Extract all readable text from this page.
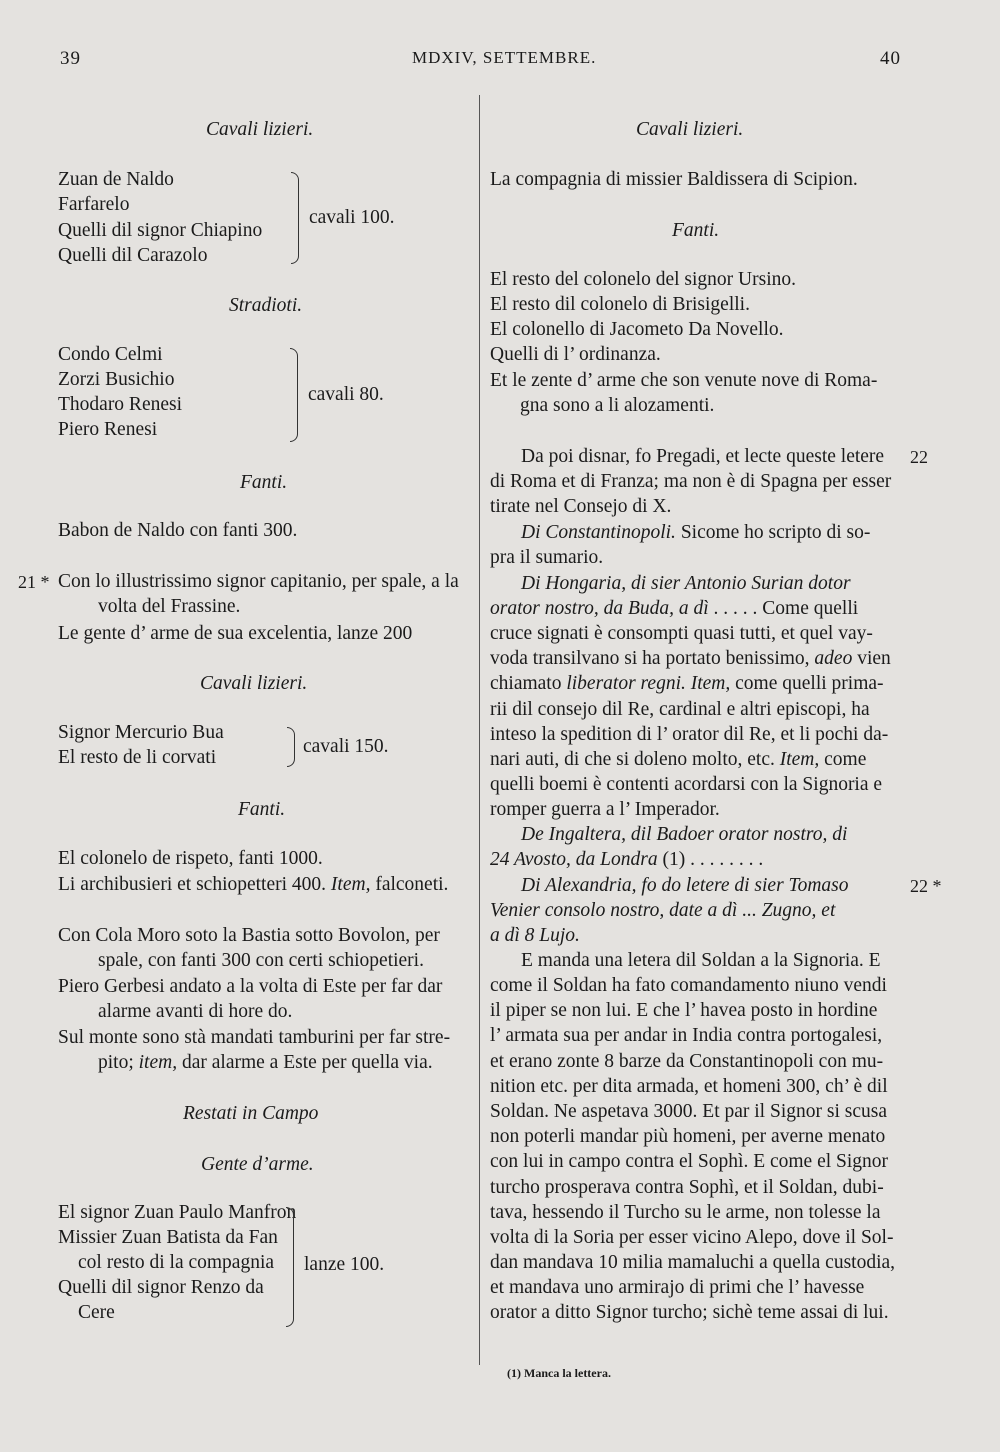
39	MDXIV, SETTEMBRE.	40
Cavali lizieri.
Zuan de Naldo
Farfarelo
Quelli dil signor Chiapino
Quelli dil Carazolo
cavali 100.
Stradioti.
Condo Celmi
Zorzi Busichio
Thodaro Renesi
Piero Renesi
cavali 80.
Fanti.
Babon de Naldo con fanti 300.
21 * Con lo illustrissimo signor capitanio, per spale, a la
volta del Frassine.
Le gente d’ arme de sua excelentia, lanze 200
Cavali lizieri.
Signor Mercurio Bua
El resto de li corvati
cavali 150.
Fanti.
El colonelo de rispeto, fanti 1000.
Li archibusieri et schiopetteri 400. Item, falconeti.
Con Cola Moro soto la Bastia sotto Bovolon, per
spale, con fanti 300 con certi schiopetieri.
Piero Gerbesi andato a la volta di Este per far dar
alarme avanti di hore do.
Sul monte sono stà mandati tamburini per far stre-
pito; item, dar alarme a Este per quella via.
Restati in Campo
Gente d’arme.
El signor Zuan Paulo Manfron
Missier Zuan Batista da Fan
col resto di la compagnia
Quelli dil signor Renzo da
Cere
lanze 100.
Cavali lizieri.
La compagnia di missier Baldissera di Scipion.
Fanti.
El resto del colonelo del signor Ursino.
El resto dil colonelo di Brisigelli.
El colonello di Jacometo Da Novello.
Quelli di l’ ordinanza.
Et le zente d’ arme che son venute nove di Roma-
gna sono a li alozamenti.
Da poi disnar, fo Pregadi, et lecte queste letere 22
di Roma et di Franza; ma non è di Spagna per esser
tirate nel Consejo di X.
Di Constantinopoli. Sicome ho scripto di so-
pra il sumario.
Di Hongaria, di sier Antonio Surian dotor
orator nostro, da Buda, a dì . . . . . Come quelli
cruce signati è consompti quasi tutti, et quel vay-
voda transilvano si ha portato benissimo, adeo vien
chiamato liberator regni. Item, come quelli prima-
rii dil consejo dil Re, cardinal e altri episcopi, ha
inteso la spedition di l’ orator dil Re, et li pochi da-
nari auti, di che si doleno molto, etc. Item, come
quelli boemi è contenti acordarsi con la Signoria e
romper guerra a l’ Imperador.
De Ingaltera, dil Badoer orator nostro, di
24 Avosto, da Londra (1) . . . . . . . .
Di Alexandria, fo do letere di sier Tomaso	22 *
Venier consolo nostro, date a dì ... Zugno, et
a dì 8 Lujo.
E manda una letera dil Soldan a la Signoria. E
come il Soldan ha fato comandamento niuno vendi
il piper se non lui. E che l’ havea posto in hordine
l’ armata sua per andar in India contra portogalesi,
et erano zonte 8 barze da Constantinopoli con mu-
nition etc. per dita armada, et homeni 300, ch’ è dil
Soldan. Ne aspetava 3000. Et par il Signor si scusa
non poterli mandar più homeni, per averne menato
con lui in campo contra el Sophì. E come el Signor
turcho prosperava contra Sophì, et il Soldan, dubi-
tava, hessendo il Turcho su le arme, non tolesse la
volta di la Soria per esser vicino Alepo, dove il Sol-
dan mandava 10 milia mamaluchi a quella custodia,
et mandava uno armirajo di primi che l’ havesse
orator a ditto Signor turcho; sichè teme assai di lui.
(1) Manca la lettera.
